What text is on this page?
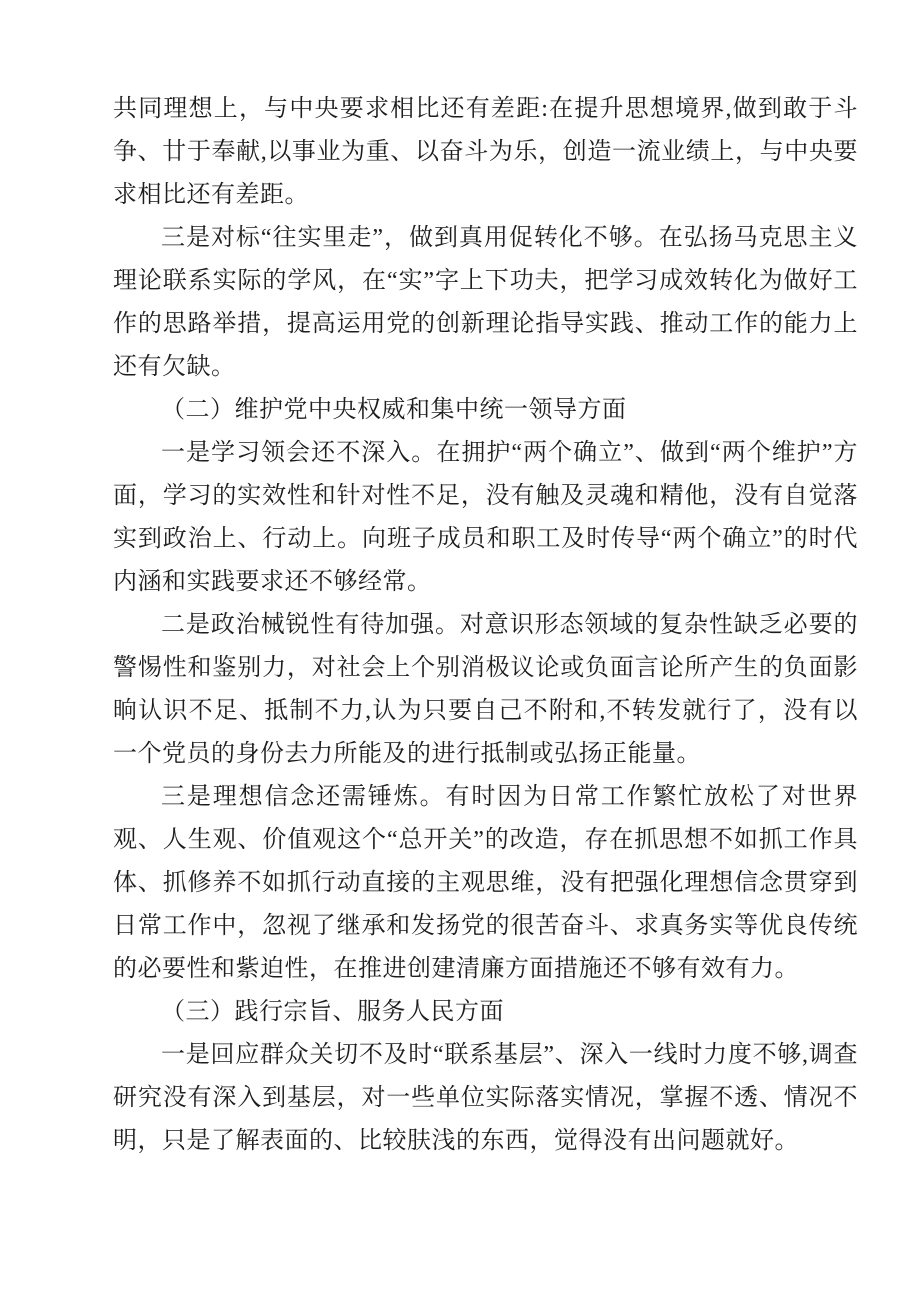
共同理想上，与中央要求相比还有差距:在提升思想境界,做到敢于斗争、廿于奉献,以事业为重、以奋斗为乐，创造一流业绩上，与中央要求相比还有差距。

三是对标“往实里走”，做到真用促转化不够。在弘扬马克思主义理论联系实际的学风，在“实”字上下功夫，把学习成效转化为做好工作的思路举措，提高运用党的创新理论指导实践、推动工作的能力上还有欠缺。

（二）维护党中央权威和集中统一领导方面

一是学习领会还不深入。在拥护“两个确立”、做到“两个维护”方面，学习的实效性和针对性不足，没有触及灵魂和精他，没有自觉落实到政治上、行动上。向班子成员和职工及时传导“两个确立”的时代内涵和实践要求还不够经常。

二是政治械锐性有待加强。对意识形态领域的复杂性缺乏必要的警惕性和鉴别力，对社会上个别消极议论或负面言论所产生的负面影晌认识不足、抵制不力,认为只要自己不附和,不转发就行了，没有以一个党员的身份去力所能及的进行抵制或弘扬正能量。

三是理想信念还需锤炼。有时因为日常工作繁忙放松了对世界观、人生观、价值观这个“总开关”的改造，存在抓思想不如抓工作具体、抓修养不如抓行动直接的主观思维，没有把强化理想信念贯穿到日常工作中，忽视了继承和发扬党的很苦奋斗、求真务实等优良传统的必要性和紫迫性，在推进创建清廉方面措施还不够有效有力。

（三）践行宗旨、服务人民方面

一是回应群众关切不及时“联系基层”、深入一线时力度不够,调查研究没有深入到基层，对一些单位实际落实情况，掌握不透、情况不明，只是了解表面的、比较肤浅的东西，觉得没有出问题就好。
